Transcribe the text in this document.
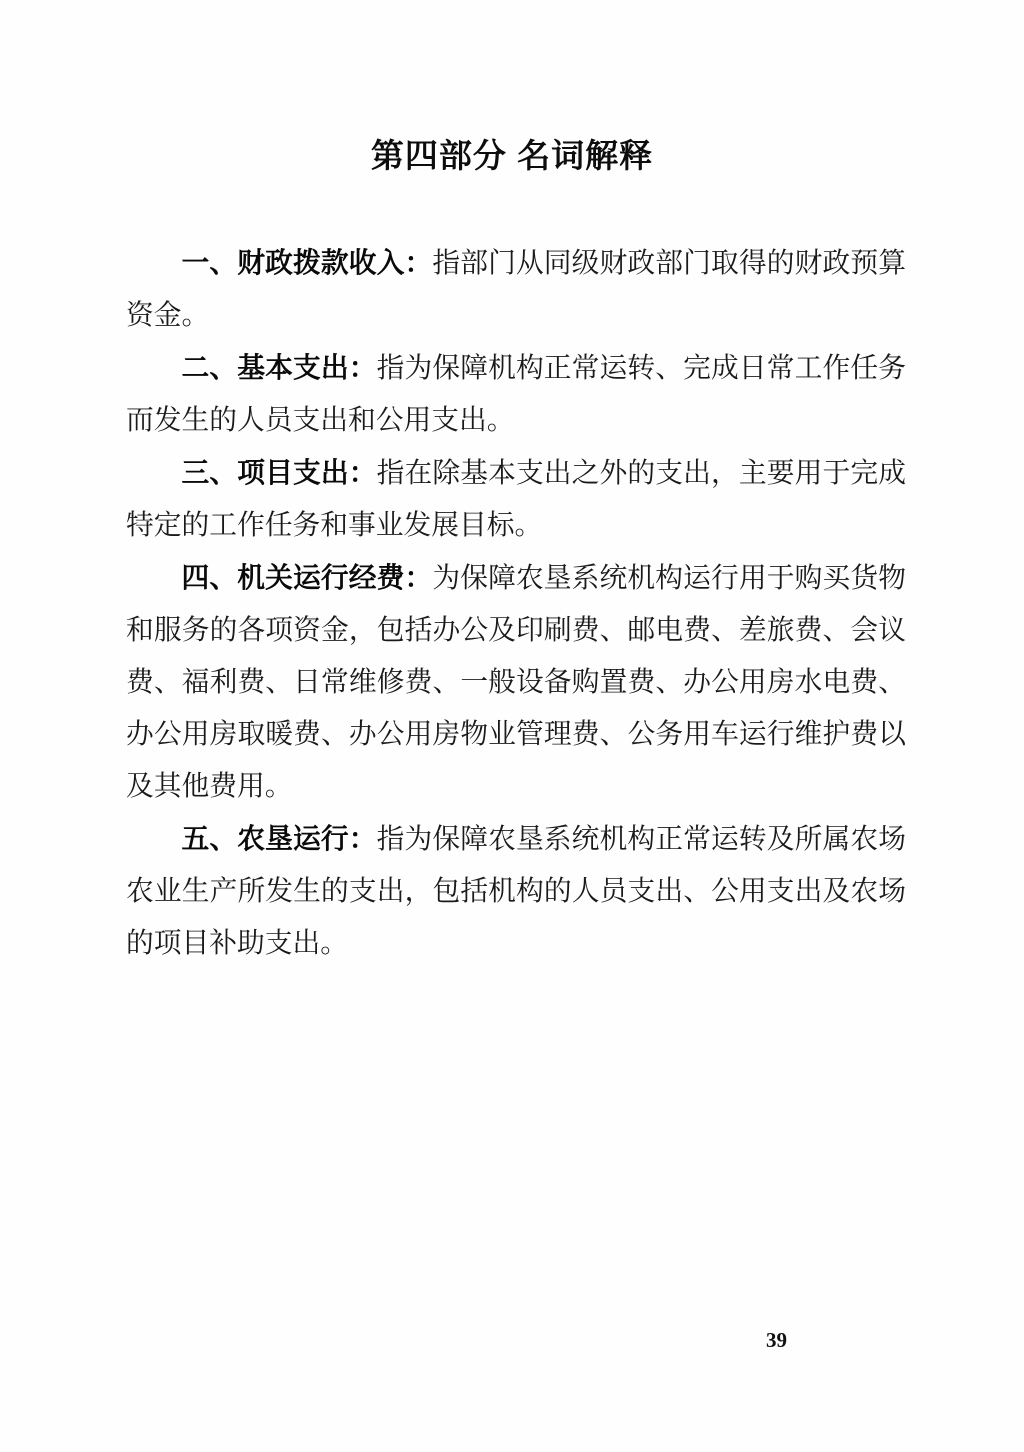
第四部分 名词解释

一、财政拨款收入：指部门从同级财政部门取得的财政预算资金。

二、基本支出：指为保障机构正常运转、完成日常工作任务而发生的人员支出和公用支出。

三、项目支出：指在除基本支出之外的支出，主要用于完成特定的工作任务和事业发展目标。

四、机关运行经费：为保障农垦系统机构运行用于购买货物和服务的各项资金，包括办公及印刷费、邮电费、差旅费、会议费、福利费、日常维修费、一般设备购置费、办公用房水电费、办公用房取暖费、办公用房物业管理费、公务用车运行维护费以及其他费用。

五、农垦运行：指为保障农垦系统机构正常运转及所属农场农业生产所发生的支出，包括机构的人员支出、公用支出及农场的项目补助支出。

39
